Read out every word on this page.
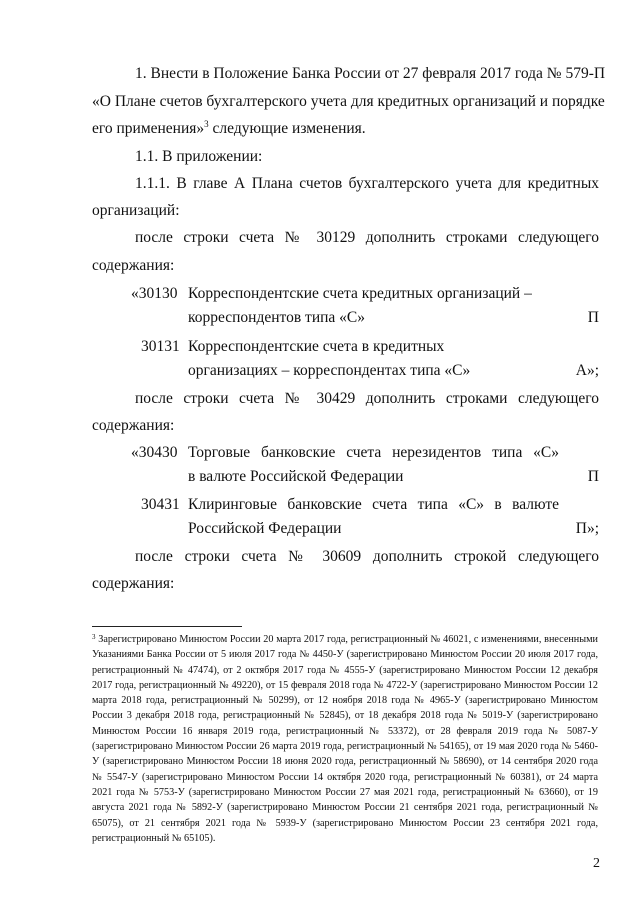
1. Внести в Положение Банка России от 27 февраля 2017 года № 579-П
«О Плане счетов бухгалтерского учета для кредитных организаций и порядке
его применения»$^3$ следующие изменения.
1.1. В приложении:
1.1.1. В главе А Плана счетов бухгалтерского учета для кредитных
организаций:
после строки счета № 30129 дополнить строками следующего
содержания:
«30130 Корреспондентские счета кредитных организаций –
корреспондентов типа «С»	П
30131 Корреспондентские счета в кредитных
организациях – корреспондентах типа «С»	А»;
после строки счета № 30429 дополнить строками следующего
содержания:
«30430 Торговые банковские счета нерезидентов типа «С»
в валюте Российской Федерации	П
30431 Клиринговые банковские счета типа «С» в валюте
Российской Федерации	П»;
после строки счета № 30609 дополнить строкой следующего
содержания:
$^3$ Зарегистрировано Минюстом России 20 марта 2017 года, регистрационный № 46021, с изменениями, внесенными Указаниями Банка России от 5 июля 2017 года № 4450-У (зарегистрировано Минюстом России 20 июля 2017 года, регистрационный № 47474), от 2 октября 2017 года № 4555-У (зарегистрировано Минюстом России 12 декабря 2017 года, регистрационный № 49220), от 15 февраля 2018 года № 4722-У (зарегистрировано Минюстом России 12 марта 2018 года, регистрационный № 50299), от 12 ноября 2018 года № 4965-У (зарегистрировано Минюстом России 3 декабря 2018 года, регистрационный № 52845), от 18 декабря 2018 года № 5019-У (зарегистрировано Минюстом России 16 января 2019 года, регистрационный № 53372), от 28 февраля 2019 года № 5087-У (зарегистрировано Минюстом России 26 марта 2019 года, регистрационный № 54165), от 19 мая 2020 года № 5460-У (зарегистрировано Минюстом России 18 июня 2020 года, регистрационный № 58690), от 14 сентября 2020 года № 5547-У (зарегистрировано Минюстом России 14 октября 2020 года, регистрационный № 60381), от 24 марта 2021 года № 5753-У (зарегистрировано Минюстом России 27 мая 2021 года, регистрационный № 63660), от 19 августа 2021 года № 5892-У (зарегистрировано Минюстом России 21 сентября 2021 года, регистрационный № 65075), от 21 сентября 2021 года № 5939-У (зарегистрировано Минюстом России 23 сентября 2021 года, регистрационный № 65105).
2
